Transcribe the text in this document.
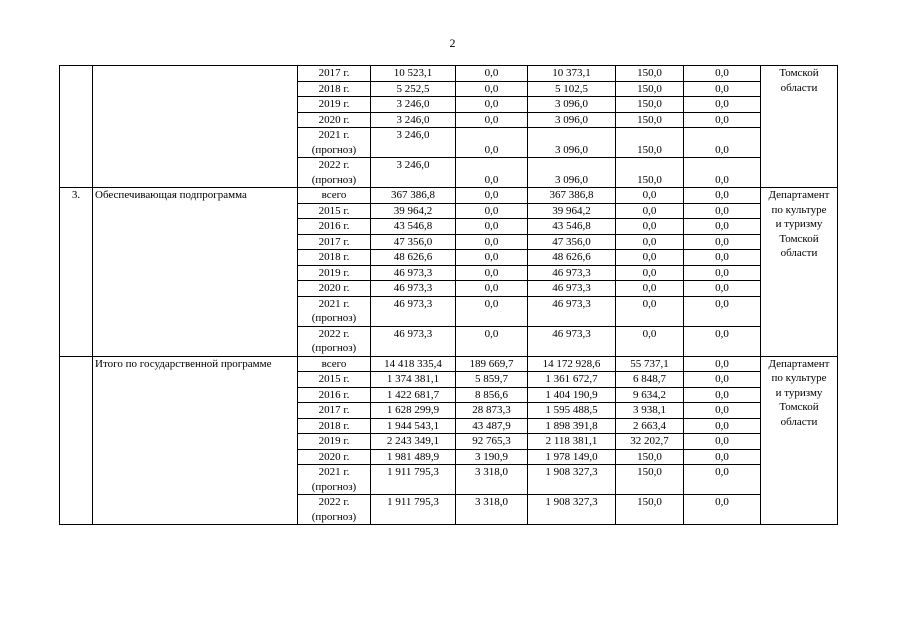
2

		2017 г.	10 523,1	0,0	10 373,1	150,0	0,0	Томской
области

		2018 г.	5 252,5	0,0	5 102,5	150,0	0,0	

		2019 г.	3 246,0	0,0	3 096,0	150,0	0,0	

		2020 г.	3 246,0	0,0	3 096,0	150,0	0,0	

		2021 г.
(прогноз)	3 246,0	0,0	3 096,0	150,0	0,0	

		2022 г.
(прогноз)	3 246,0	0,0	3 096,0	150,0	0,0	
3.	Обеспечивающая подпрограмма	всего	367 386,8	0,0	367 386,8	0,0	0,0	Департамент
по культуре
и туризму
Томской
области

		2015 г.	39 964,2	0,0	39 964,2	0,0	0,0	

		2016 г.	43 546,8	0,0	43 546,8	0,0	0,0	

		2017 г.	47 356,0	0,0	47 356,0	0,0	0,0	

		2018 г.	48 626,6	0,0	48 626,6	0,0	0,0	

		2019 г.	46 973,3	0,0	46 973,3	0,0	0,0	

		2020 г.	46 973,3	0,0	46 973,3	0,0	0,0	

		2021 г.
(прогноз)	46 973,3	0,0	46 973,3	0,0	0,0	

		2022 г.
(прогноз)	46 973,3	0,0	46 973,3	0,0	0,0	
	Итого по государственной программе	всего	14 418 335,4	189 669,7	14 172 928,6	55 737,1	0,0	Департамент
по культуре
и туризму
Томской
области

		2015 г.	1 374 381,1	5 859,7	1 361 672,7	6 848,7	0,0	

		2016 г.	1 422 681,7	8 856,6	1 404 190,9	9 634,2	0,0	

		2017 г.	1 628 299,9	28 873,3	1 595 488,5	3 938,1	0,0	

		2018 г.	1 944 543,1	43 487,9	1 898 391,8	2 663,4	0,0	

		2019 г.	2 243 349,1	92 765,3	2 118 381,1	32 202,7	0,0	

		2020 г.	1 981 489,9	3 190,9	1 978 149,0	150,0	0,0	

		2021 г.
(прогноз)	1 911 795,3	3 318,0	1 908 327,3	150,0	0,0	

		2022 г.
(прогноз)	1 911 795,3	3 318,0	1 908 327,3	150,0	0,0	
